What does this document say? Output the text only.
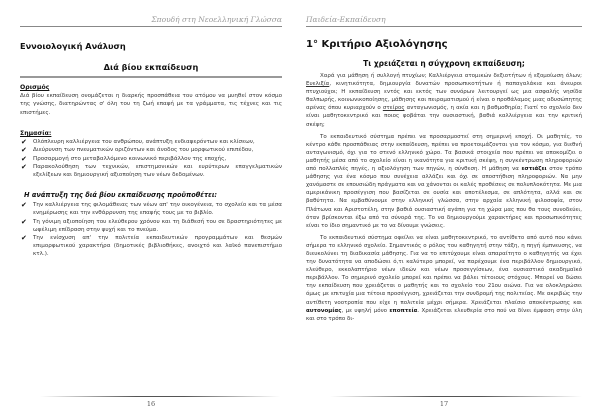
Σπουδή στη Νεοελληνική Γλώσσα
Εννοιολογική Ανάλυση
Διά βίου εκπαίδευση
Ορισμός
Διά βίου εκπαίδευση ονομάζεται η διαρκής προσπάθεια του ατόμου να μυηθεί στον κόσμο της γνώσης, διατηρώντας σ' όλη του τη ζωή επαφή με τα γράμματα, τις τέχνες και τις επιστήμες.
Σημασία:
✔ Ολόπλευρη καλλιέργεια του ανθρώπου, ανάπτυξη ενδιαφερόντων και κλίσεων,
✔ Διεύρυνση των πνευματικών οριζόντων και άνοδος του μορφωτικού επιπέδου,
✔ Προσαρμογή στο μεταβαλλόμενο κοινωνικό περιβάλλον της εποχής,
✔ Παρακολούθηση των τεχνικών, επιστημονικών και ευρύτερων επαγγελματικών εξελίξεων και δημιουργική αξιοποίηση των νέων δεδομένων.
Η ανάπτυξη της διά βίου εκπαίδευσης προϋποθέτει:
✔ Την καλλιέργεια της φιλομάθειας των νέων απ' την οικογένεια, το σχολείο και τα μέσα ενημέρωσης και την ενθάρρυνση της επαφής τους με το βιβλίο.
✔ Τη γόνιμη αξιοποίηση του ελεύθερου χρόνου και τη διάθεσή του σε δραστηριότητες με ωφέλιμη επίδραση στην ψυχή και το πνεύμα.
✔ Την ενίσχυση απ' την πολιτεία εκπαιδευτικών προγραμμάτων και θεσμών επιμορφωτικού χαρακτήρα (δημοτικές βιβλιοθήκες, ανοιχτό και λαϊκό πανεπιστήμιο κτλ.).
16
Παιδεία-Εκπαίδευση
1° Κριτήριο Αξιολόγησης
Τι χρειάζεται η σύγχρονη εκπαίδευση;

Χαρά για μάθηση ή συλλογή πτυχίων; Καλλιέργεια ατομικών δεξιοτήτων ή εξομοίωση όλων; Ευελιξία, κινητικότητα, δημιουργία δυνατών προσωπικοτήτων ή παπαγαλάκια και άνευροι πτυχιούχοι; Η εκπαίδευση εντός και εκτός των συνόρων λειτουργεί ως μια ασφαλής νησίδα θαλπωρής, κοινωνικοποίησης, μάθησης και πειραματισμού ή είναι ο προθάλαμος μιας αδυσώπητης αρένας όπου κυριαρχούν ο στείρος ανταγωνισμός, η ακία και η βαθμοθηρία; Γιατί το σχολείο δεν είναι μαθητοκεντρικό και ποιος φοβάται την ουσιαστική, βαθιά καλλιέργεια και την κριτική σκέψη;

Το εκπαιδευτικό σύστημα πρέπει να προσαρμοστεί στη σημερινή εποχή. Οι μαθητές, το κέντρο κάθε προσπάθειας στην εκπαίδευση, πρέπει να προετοιμάζονται για τον κόσμο, για διεθνή ανταγωνισμό, όχι για το στενό ελληνικό χώρο. Τα βασικά στοιχεία που πρέπει να αποκομίζει ο μαθητής μέσα από το σχολείο είναι η ικανότητα για κριτική σκέψη, η συγκέντρωση πληροφοριών από πολλαπλές πηγές, η αξιολόγηση των πηγών, η σύνθεση. Η μάθηση να εστιάζει στον τρόπο μάθησης για ένα κόσμο που συνέχεια αλλάζει και όχι σε αποστήθιση πληροφοριών. Να μην χανόμαστε σε επουσιώδη πράγματα και να χάνονται οι καλές προθέσεις σε πολυπλοκότητα. Με μια αμερικάνικη προσέγγιση που βασίζεται σε ουσία και αποτέλεσμα, σε απλότητα, αλλά και σε βαθύτητα. Να εμβαθύνουμε στην ελληνική γλώσσα, στην αρχαία ελληνική φιλοσοφία, στον Πλάτωνα και Αριστοτέλη, στην βαθιά ουσιαστική αγάπη για τη χώρα μας που θα τους συνοδεύει, όταν βρίσκονται έξω από τα σύνορά της. Το να δημιουργούμε χαρακτήρες και προσωπικότητες είναι το ίδιο σημαντικό με το να δίνουμε γνώσεις.

Το εκπαιδευτικό σύστημα οφείλει να είναι μαθητοκεντρικό, το αντίθετο από αυτό που κάνει σήμερα το ελληνικό σχολείο. Σημαντικός ο ρόλος του καθηγητή στην τάξη, η πηγή έμπνευσης, να διευκολύνει τη διαδικασία μάθησης. Για να το επιτύχουμε είναι απαραίτητο ο καθηγητής να έχει την δυνατότητα να αποδώσει ό,τι καλύτερο μπορεί, να παρέχουμε ένα περιβάλλον δημιουργικό, ελεύθερο, εκκολαπτήριο νέων ιδεών και νέων προσεγγίσεων, ένα ουσιαστικό ακαδημαϊκό περιβάλλον. Το σημερινό σχολείο μπορεί και πρέπει να βάλει τέτοιους στόχους. Μπορεί να δώσει την εκπαίδευση που χρειάζεται ο μαθητής και το σχολείο του 21ου αιώνα. Για να ολοκληρώσει όμως με επιτυχία μια τέτοια προσέγγιση, χρειάζεται την συνδρομή της πολιτείας. Με ακριβώς την αντίθετη νοοτροπία που είχε η πολιτεία μέχρι σήμερα. Χρειάζεται πλαίσιο αποκέντρωσης και αυτονομίας, με υψηλή μόνο εποπτεία. Χρειάζεται ελευθερία στο πού να δίνει έμφαση στην ύλη και στο τρόπο δι-

17
